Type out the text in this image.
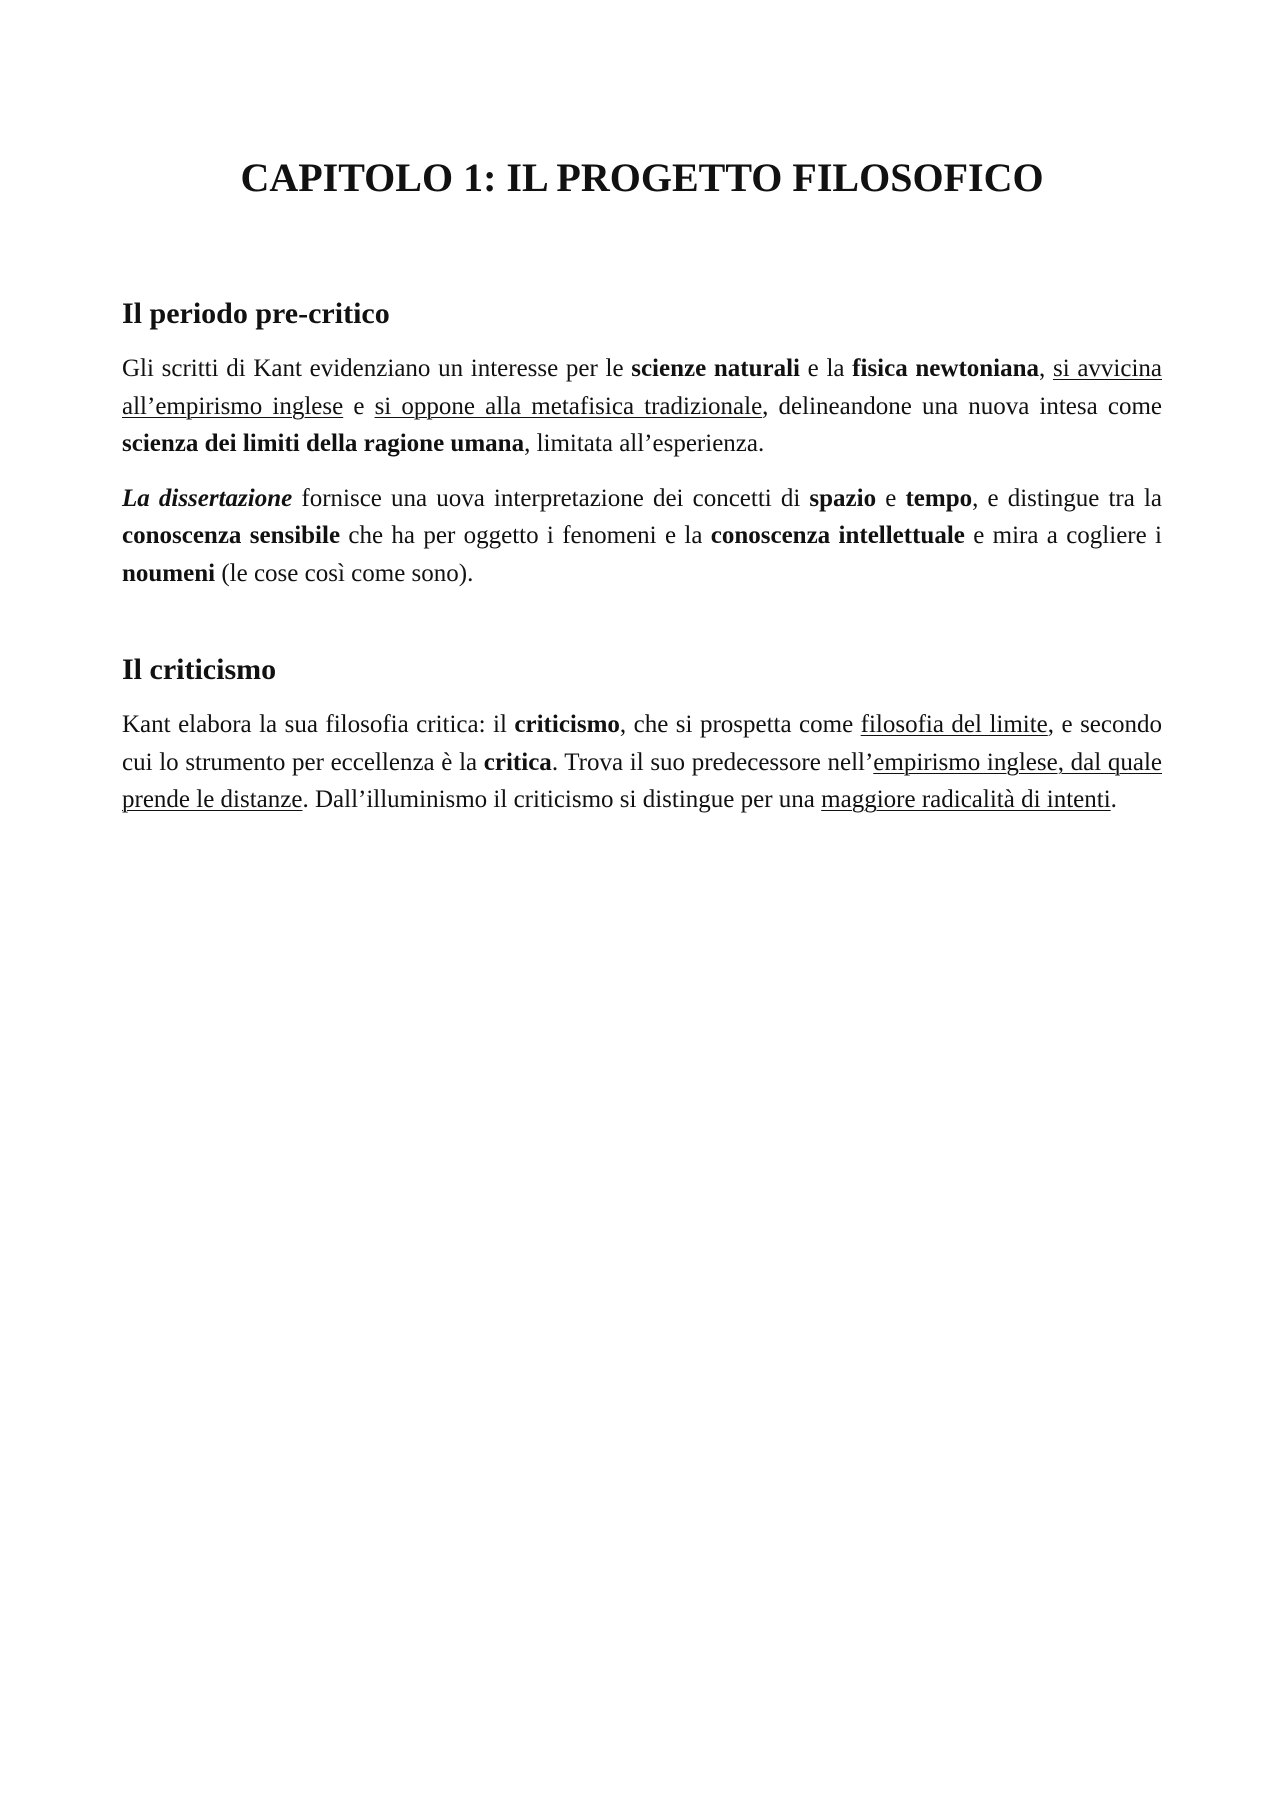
CAPITOLO 1: IL PROGETTO FILOSOFICO
Il periodo pre-critico

Gli scritti di Kant evidenziano un interesse per le scienze naturali e la fisica newtoniana, si avvicina all’empirismo inglese e si oppone alla metafisica tradizionale, delineandone una nuova intesa come scienza dei limiti della ragione umana, limitata all’esperienza.

La dissertazione fornisce una uova interpretazione dei concetti di spazio e tempo, e distingue tra la conoscenza sensibile che ha per oggetto i fenomeni e la conoscenza intellettuale e mira a cogliere i noumeni (le cose così come sono).

Il criticismo

Kant elabora la sua filosofia critica: il criticismo, che si prospetta come filosofia del limite, e secondo cui lo strumento per eccellenza è la critica. Trova il suo predecessore nell’empirismo inglese, dal quale prende le distanze. Dall’illuminismo il criticismo si distingue per una maggiore radicalità di intenti.
